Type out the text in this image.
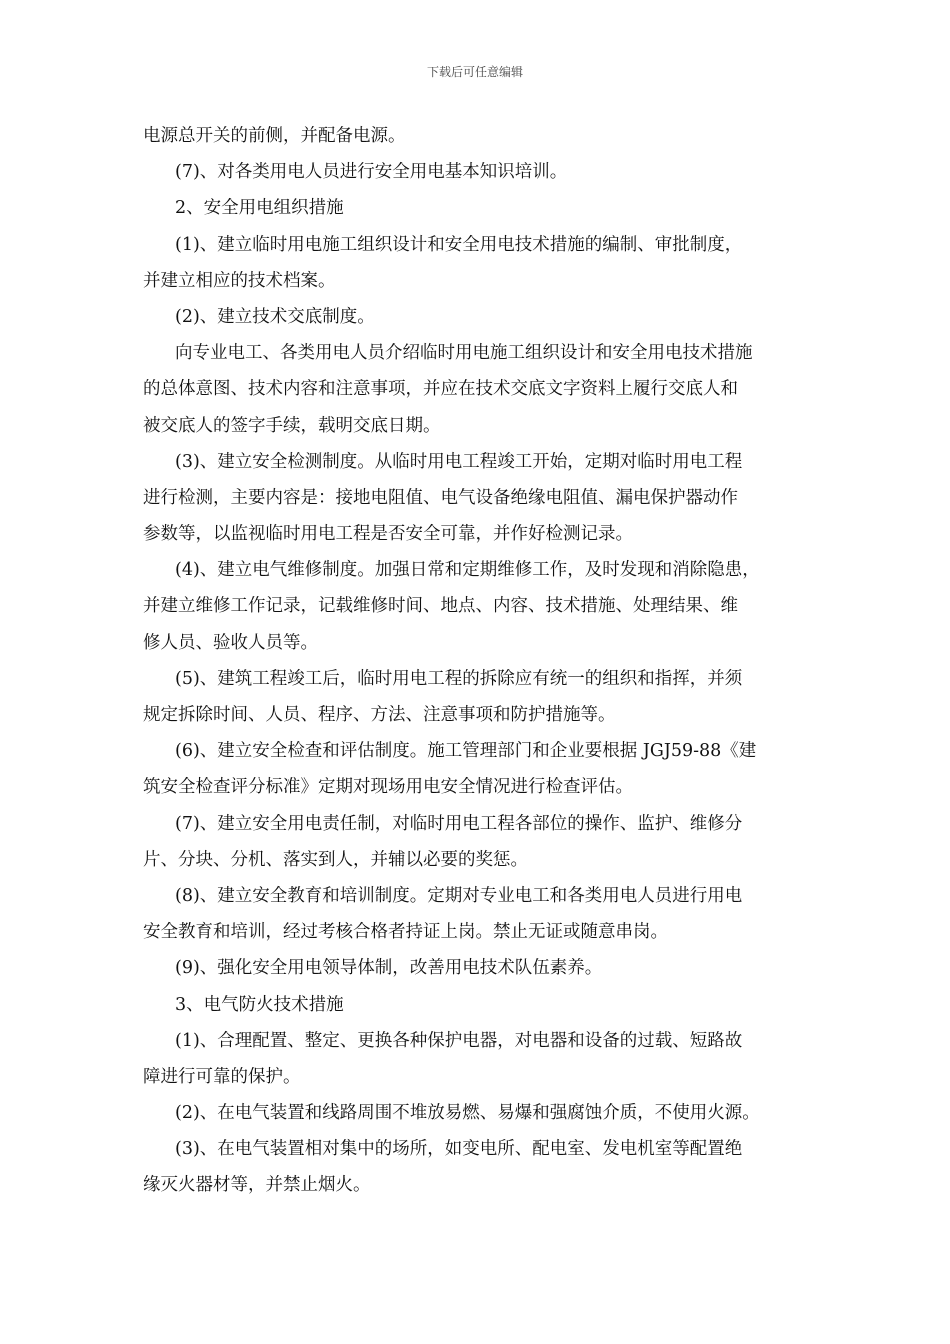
下载后可任意编辑
电源总开关的前侧，并配备电源。
(7)、对各类用电人员进行安全用电基本知识培训。
2、安全用电组织措施
(1)、建立临时用电施工组织设计和安全用电技术措施的编制、审批制度，
并建立相应的技术档案。
(2)、建立技术交底制度。
向专业电工、各类用电人员介绍临时用电施工组织设计和安全用电技术措施
的总体意图、技术内容和注意事项，并应在技术交底文字资料上履行交底人和
被交底人的签字手续，载明交底日期。
(3)、建立安全检测制度。从临时用电工程竣工开始，定期对临时用电工程
进行检测，主要内容是：接地电阻值、电气设备绝缘电阻值、漏电保护器动作
参数等，以监视临时用电工程是否安全可靠，并作好检测记录。
(4)、建立电气维修制度。加强日常和定期维修工作，及时发现和消除隐患，
并建立维修工作记录，记载维修时间、地点、内容、技术措施、处理结果、维
修人员、验收人员等。
(5)、建筑工程竣工后，临时用电工程的拆除应有统一的组织和指挥，并须
规定拆除时间、人员、程序、方法、注意事项和防护措施等。
(6)、建立安全检查和评估制度。施工管理部门和企业要根据 JGJ59-88《建
筑安全检查评分标准》定期对现场用电安全情况进行检查评估。
(7)、建立安全用电责任制，对临时用电工程各部位的操作、监护、维修分
片、分块、分机、落实到人，并辅以必要的奖惩。
(8)、建立安全教育和培训制度。定期对专业电工和各类用电人员进行用电
安全教育和培训，经过考核合格者持证上岗。禁止无证或随意串岗。
(9)、强化安全用电领导体制，改善用电技术队伍素养。
3、电气防火技术措施
(1)、合理配置、整定、更换各种保护电器，对电器和设备的过载、短路故
障进行可靠的保护。
(2)、在电气装置和线路周围不堆放易燃、易爆和强腐蚀介质，不使用火源。
(3)、在电气装置相对集中的场所，如变电所、配电室、发电机室等配置绝
缘灭火器材等，并禁止烟火。
